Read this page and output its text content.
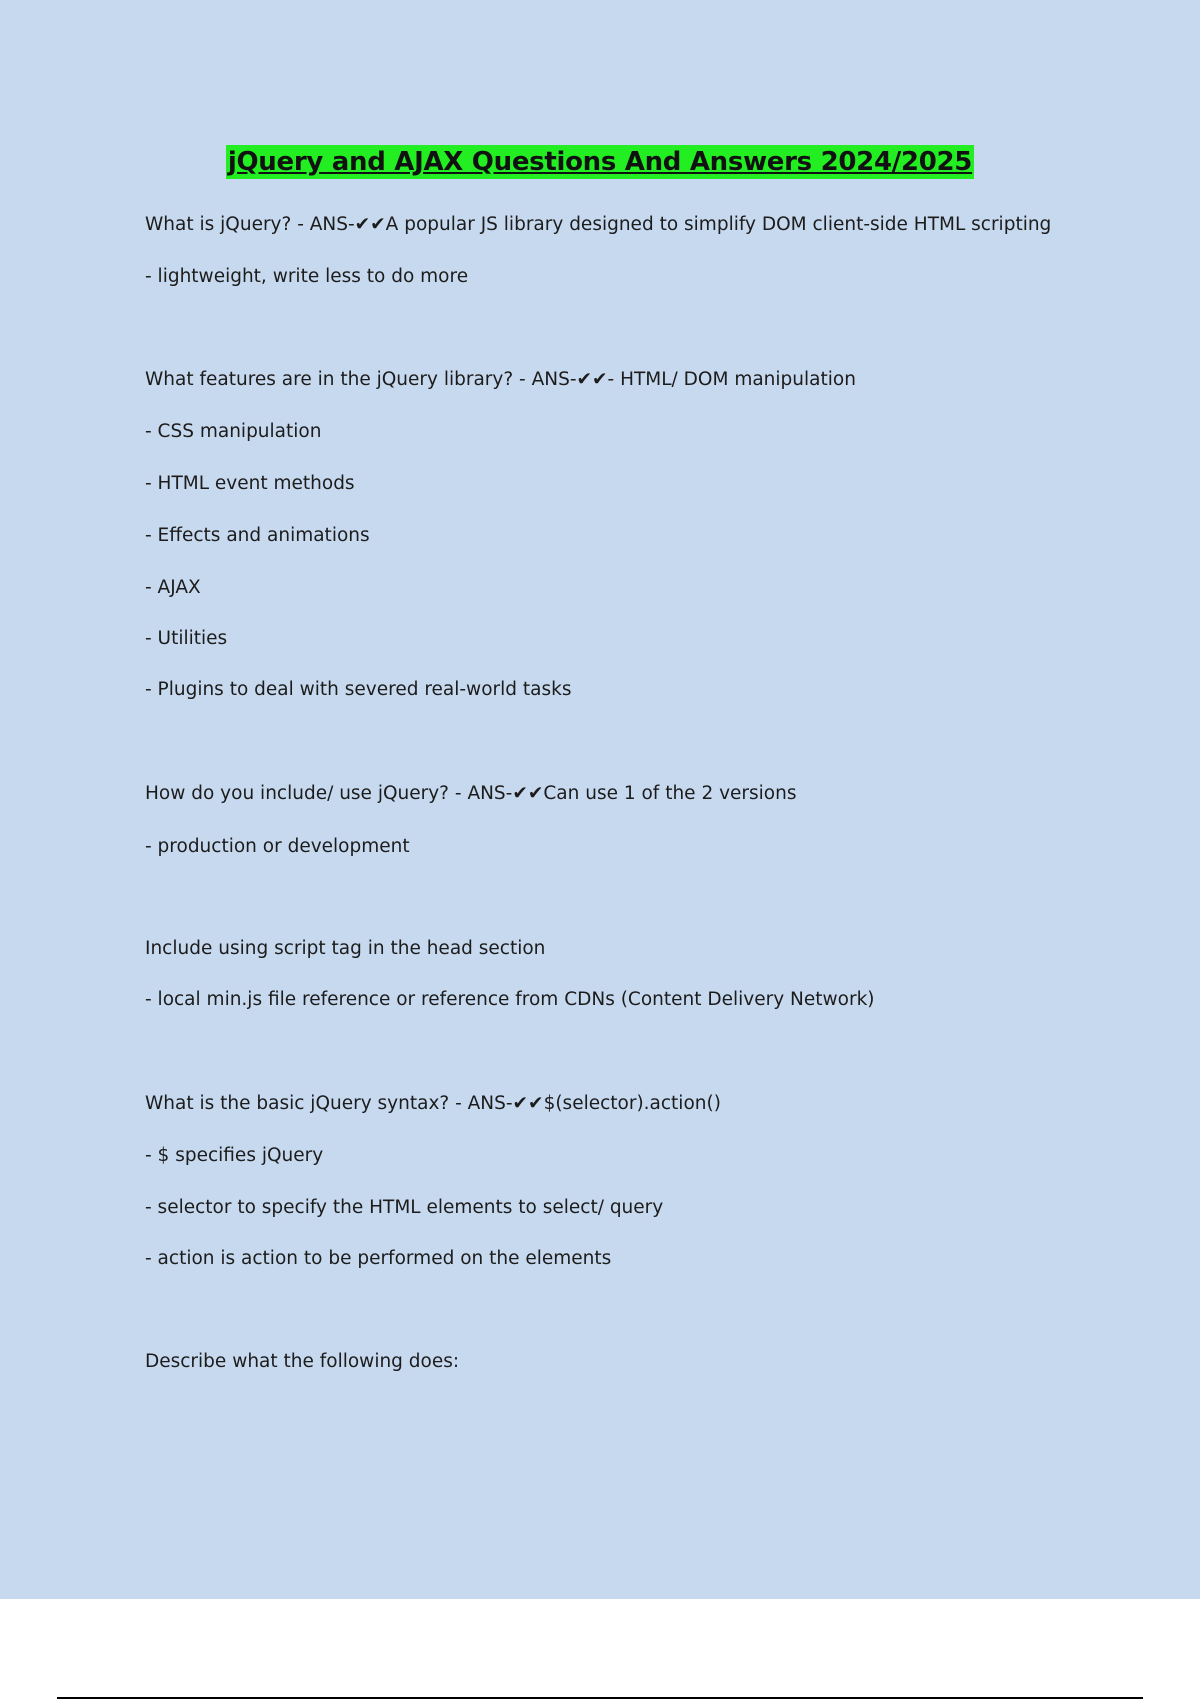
jQuery and AJAX Questions And Answers 2024/2025
What is jQuery? - ANS-✔✔A popular JS library designed to simplify DOM client-side HTML scripting
- lightweight, write less to do more
What features are in the jQuery library? - ANS-✔✔- HTML/ DOM manipulation
- CSS manipulation
- HTML event methods
- Effects and animations
- AJAX
- Utilities
- Plugins to deal with severed real-world tasks
How do you include/ use jQuery? - ANS-✔✔Can use 1 of the 2 versions
- production or development
Include using script tag in the head section
- local min.js file reference or reference from CDNs (Content Delivery Network)
What is the basic jQuery syntax? - ANS-✔✔$(selector).action()
- $ specifies jQuery
- selector to specify the HTML elements to select/ query
- action is action to be performed on the elements
Describe what the following does:
